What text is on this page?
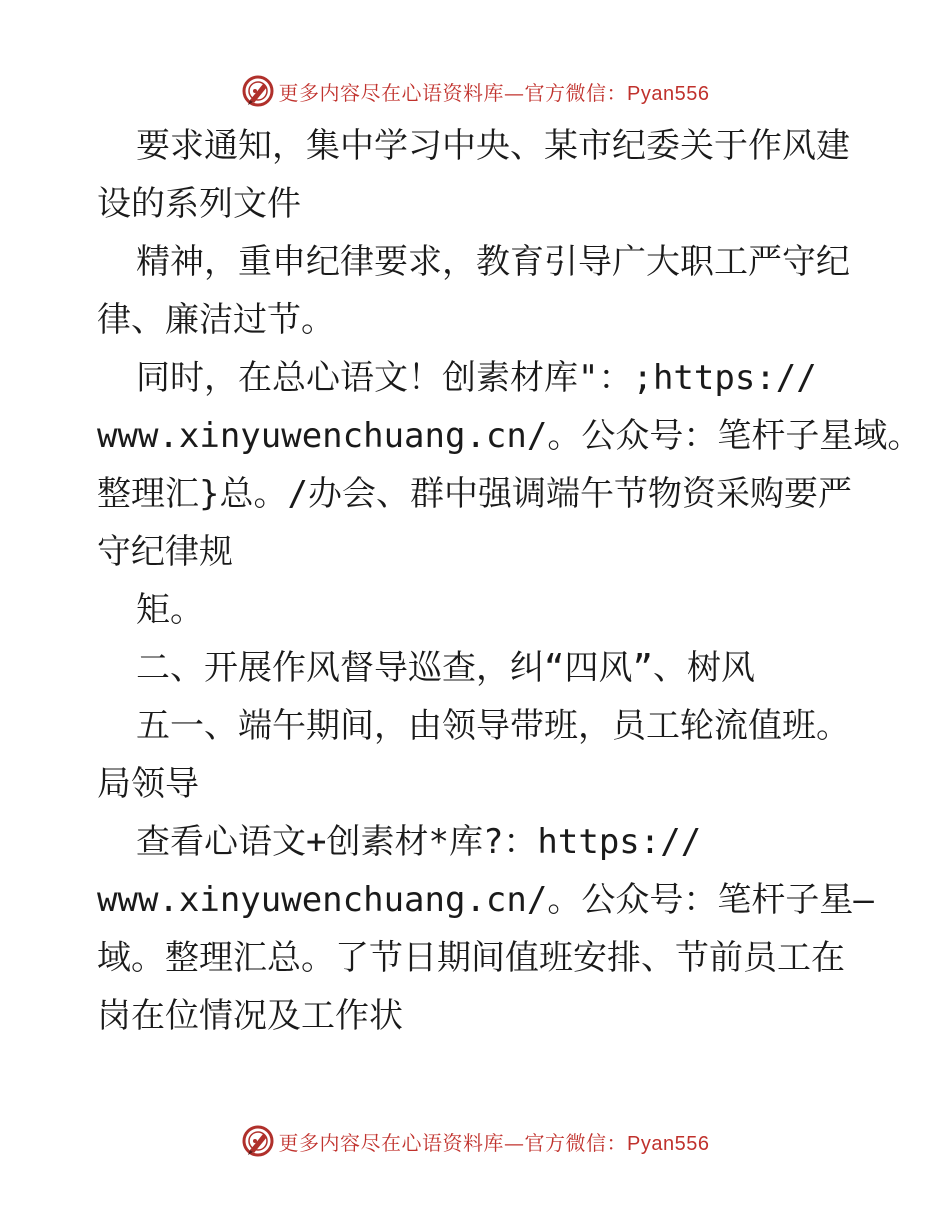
更多内容尽在心语资料库—官方微信：Pyan556

要求通知，集中学习中央、某市纪委关于作风建

设的系列文件

精神，重申纪律要求，教育引导广大职工严守纪

律、廉洁过节。

同时，在总心语文！创素材库"：;https://

www.xinyuwenchuang.cn/。公众号：笔杆子星域。

整理汇}总。/办会、群中强调端午节物资采购要严

守纪律规

矩。

二、开展作风督导巡查，纠“四风”、树风

五一、端午期间，由领导带班，员工轮流值班。

局领导

查看心语文+创素材*库?：https://

www.xinyuwenchuang.cn/。公众号：笔杆子星—

域。整理汇总。了节日期间值班安排、节前员工在

岗在位情况及工作状

更多内容尽在心语资料库—官方微信：Pyan556
